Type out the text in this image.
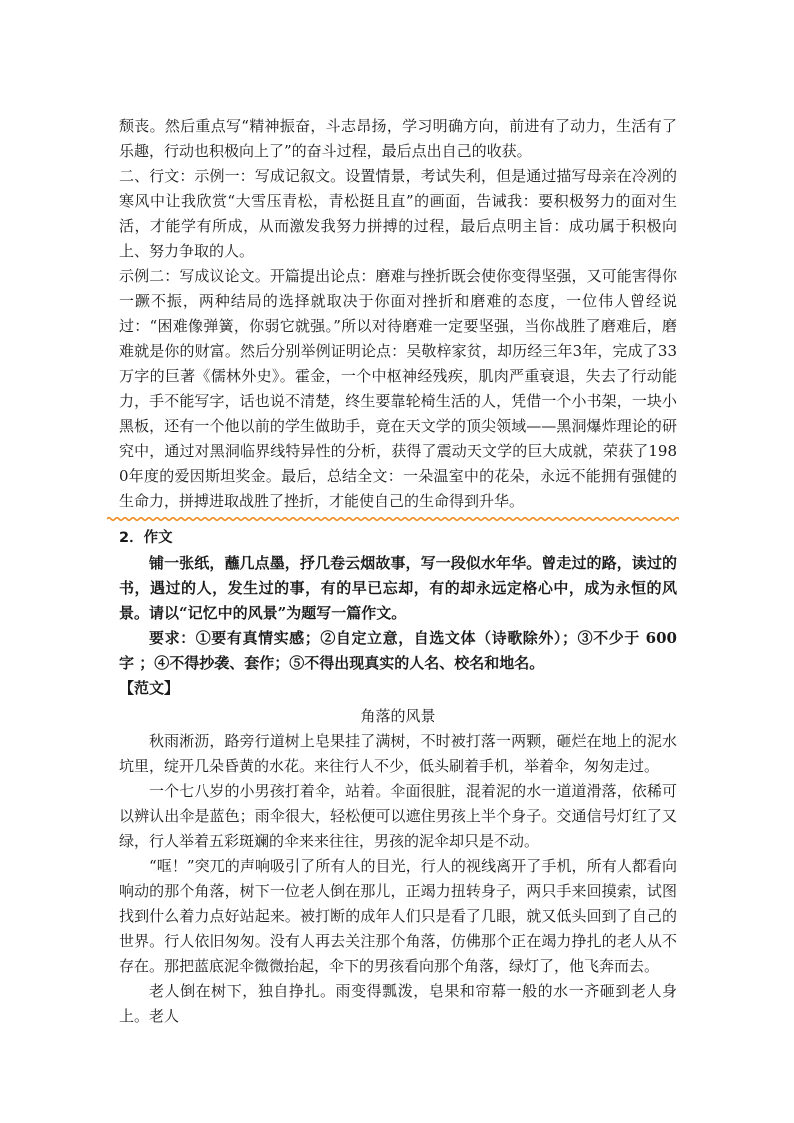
颓丧。然后重点写“精神振奋，斗志昂扬，学习明确方向，前进有了动力，生活有了乐趣，行动也积极向上了”的奋斗过程，最后点出自己的收获。

二、行文：示例一：写成记叙文。设置情景，考试失利，但是通过描写母亲在冷冽的寒风中让我欣赏“大雪压青松，青松挺且直”的画面，告诫我：要积极努力的面对生活，才能学有所成，从而激发我努力拼搏的过程，最后点明主旨：成功属于积极向上、努力争取的人。

示例二：写成议论文。开篇提出论点：磨难与挫折既会使你变得坚强，又可能害得你一蹶不振，两种结局的选择就取决于你面对挫折和磨难的态度，一位伟人曾经说过：“困难像弹簧，你弱它就强。”所以对待磨难一定要坚强，当你战胜了磨难后，磨难就是你的财富。然后分别举例证明论点：吴敬梓家贫，却历经三年3年，完成了33万字的巨著《儒林外史》。霍金，一个中枢神经残疾，肌肉严重衰退，失去了行动能力，手不能写字，话也说不清楚，终生要靠轮椅生活的人，凭借一个小书架，一块小黑板，还有一个他以前的学生做助手，竟在天文学的顶尖领域——黑洞爆炸理论的研究中，通过对黑洞临界线特异性的分析，获得了震动天文学的巨大成就，荣获了1980年度的爱因斯坦奖金。最后，总结全文：一朵温室中的花朵，永远不能拥有强健的生命力，拼搏进取战胜了挫折，才能使自己的生命得到升华。

2．作文

铺一张纸，蘸几点墨，抒几卷云烟故事，写一段似水年华。曾走过的路，读过的书，遇过的人，发生过的事，有的早已忘却，有的却永远定格心中，成为永恒的风景。请以“记忆中的风景”为题写一篇作文。

要求：①要有真情实感；②自定立意，自选文体（诗歌除外）；③不少于 600 字 ；④不得抄袭、套作；⑤不得出现真实的人名、校名和地名。

【范文】

角落的风景

秋雨淅沥，路旁行道树上皂果挂了满树，不时被打落一两颗，砸烂在地上的泥水坑里，绽开几朵昏黄的水花。来往行人不少，低头刷着手机，举着伞，匆匆走过。

一个七八岁的小男孩打着伞，站着。伞面很脏，混着泥的水一道道滑落，依稀可以辨认出伞是蓝色；雨伞很大，轻松便可以遮住男孩上半个身子。交通信号灯红了又绿，行人举着五彩斑斓的伞来来往往，男孩的泥伞却只是不动。

“哐！”突兀的声响吸引了所有人的目光，行人的视线离开了手机，所有人都看向响动的那个角落，树下一位老人倒在那儿，正竭力扭转身子，两只手来回摸索，试图找到什么着力点好站起来。被打断的成年人们只是看了几眼，就又低头回到了自己的世界。行人依旧匆匆。没有人再去关注那个角落，仿佛那个正在竭力挣扎的老人从不存在。那把蓝底泥伞微微抬起，伞下的男孩看向那个角落，绿灯了，他飞奔而去。

老人倒在树下，独自挣扎。雨变得瓢泼，皂果和帘幕一般的水一齐砸到老人身上。老人
